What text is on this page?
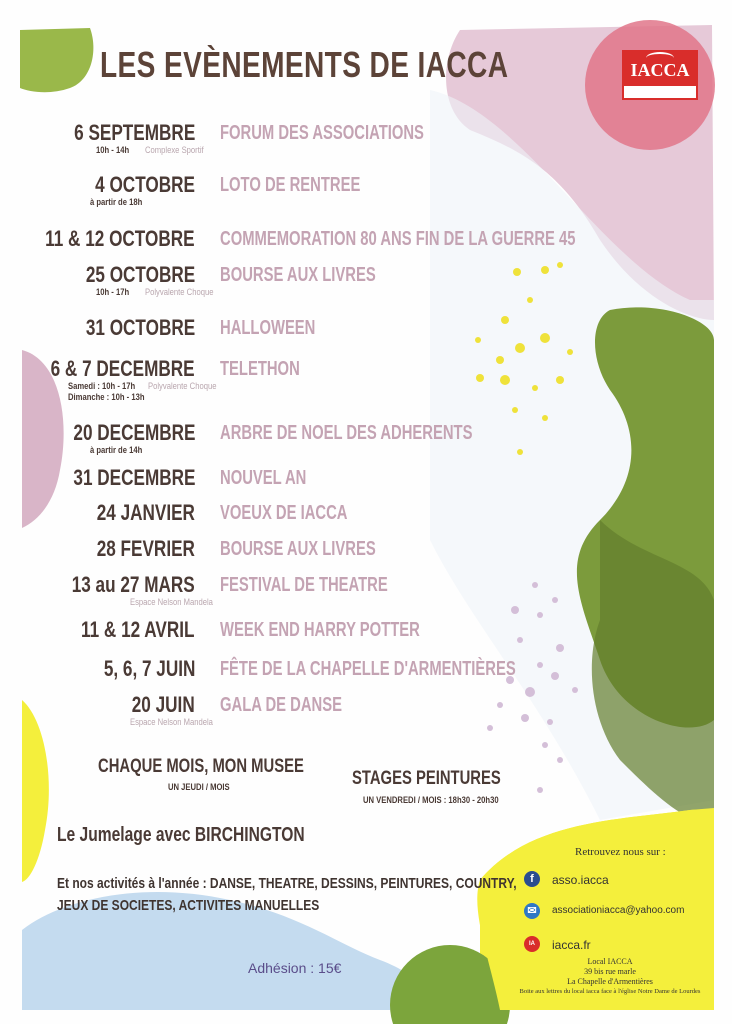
IACCA
LES EVÈNEMENTS DE IACCA
6 SEPTEMBRE FORUM DES ASSOCIATIONS
10h - 14h Complexe Sportif
4 OCTOBRE LOTO DE RENTREE
à partir de 18h
11 & 12 OCTOBRE COMMEMORATION 80 ANS FIN DE LA GUERRE 45
25 OCTOBRE BOURSE AUX LIVRES
10h - 17h Polyvalente Choque
31 OCTOBRE HALLOWEEN
6 & 7 DECEMBRE TELETHON
Samedi : 10h - 17h
Dimanche : 10h - 13h
Polyvalente Choque
20 DECEMBRE ARBRE DE NOEL DES ADHERENTS
à partir de 14h
31 DECEMBRE NOUVEL AN
24 JANVIER VOEUX DE IACCA
28 FEVRIER BOURSE AUX LIVRES
13 au 27 MARS FESTIVAL DE THEATRE
Espace Nelson Mandela
11 & 12 AVRIL WEEK END HARRY POTTER
5, 6, 7 JUIN FÊTE DE LA CHAPELLE D'ARMENTIÈRES
20 JUIN GALA DE DANSE
Espace Nelson Mandela
CHAQUE MOIS, MON MUSEE
UN JEUDI / MOIS	STAGES PEINTURES
UN VENDREDI / MOIS : 18h30 - 20h30
Le Jumelage avec BIRCHINGTON
Et nos activités à l'année : DANSE, THEATRE, DESSINS, PEINTURES, COUNTRY,
JEUX DE SOCIETES, ACTIVITES MANUELLES
Adhésion : 15€
Retrouvez nous sur :
f	asso.iacca
✉	associationiacca@yahoo.com
IA	iacca.fr
Local IACCA
39 bis rue marle
La Chapelle d'Armentières
Boite aux lettres du local iacca face à l'église Notre Dame de Lourdes
